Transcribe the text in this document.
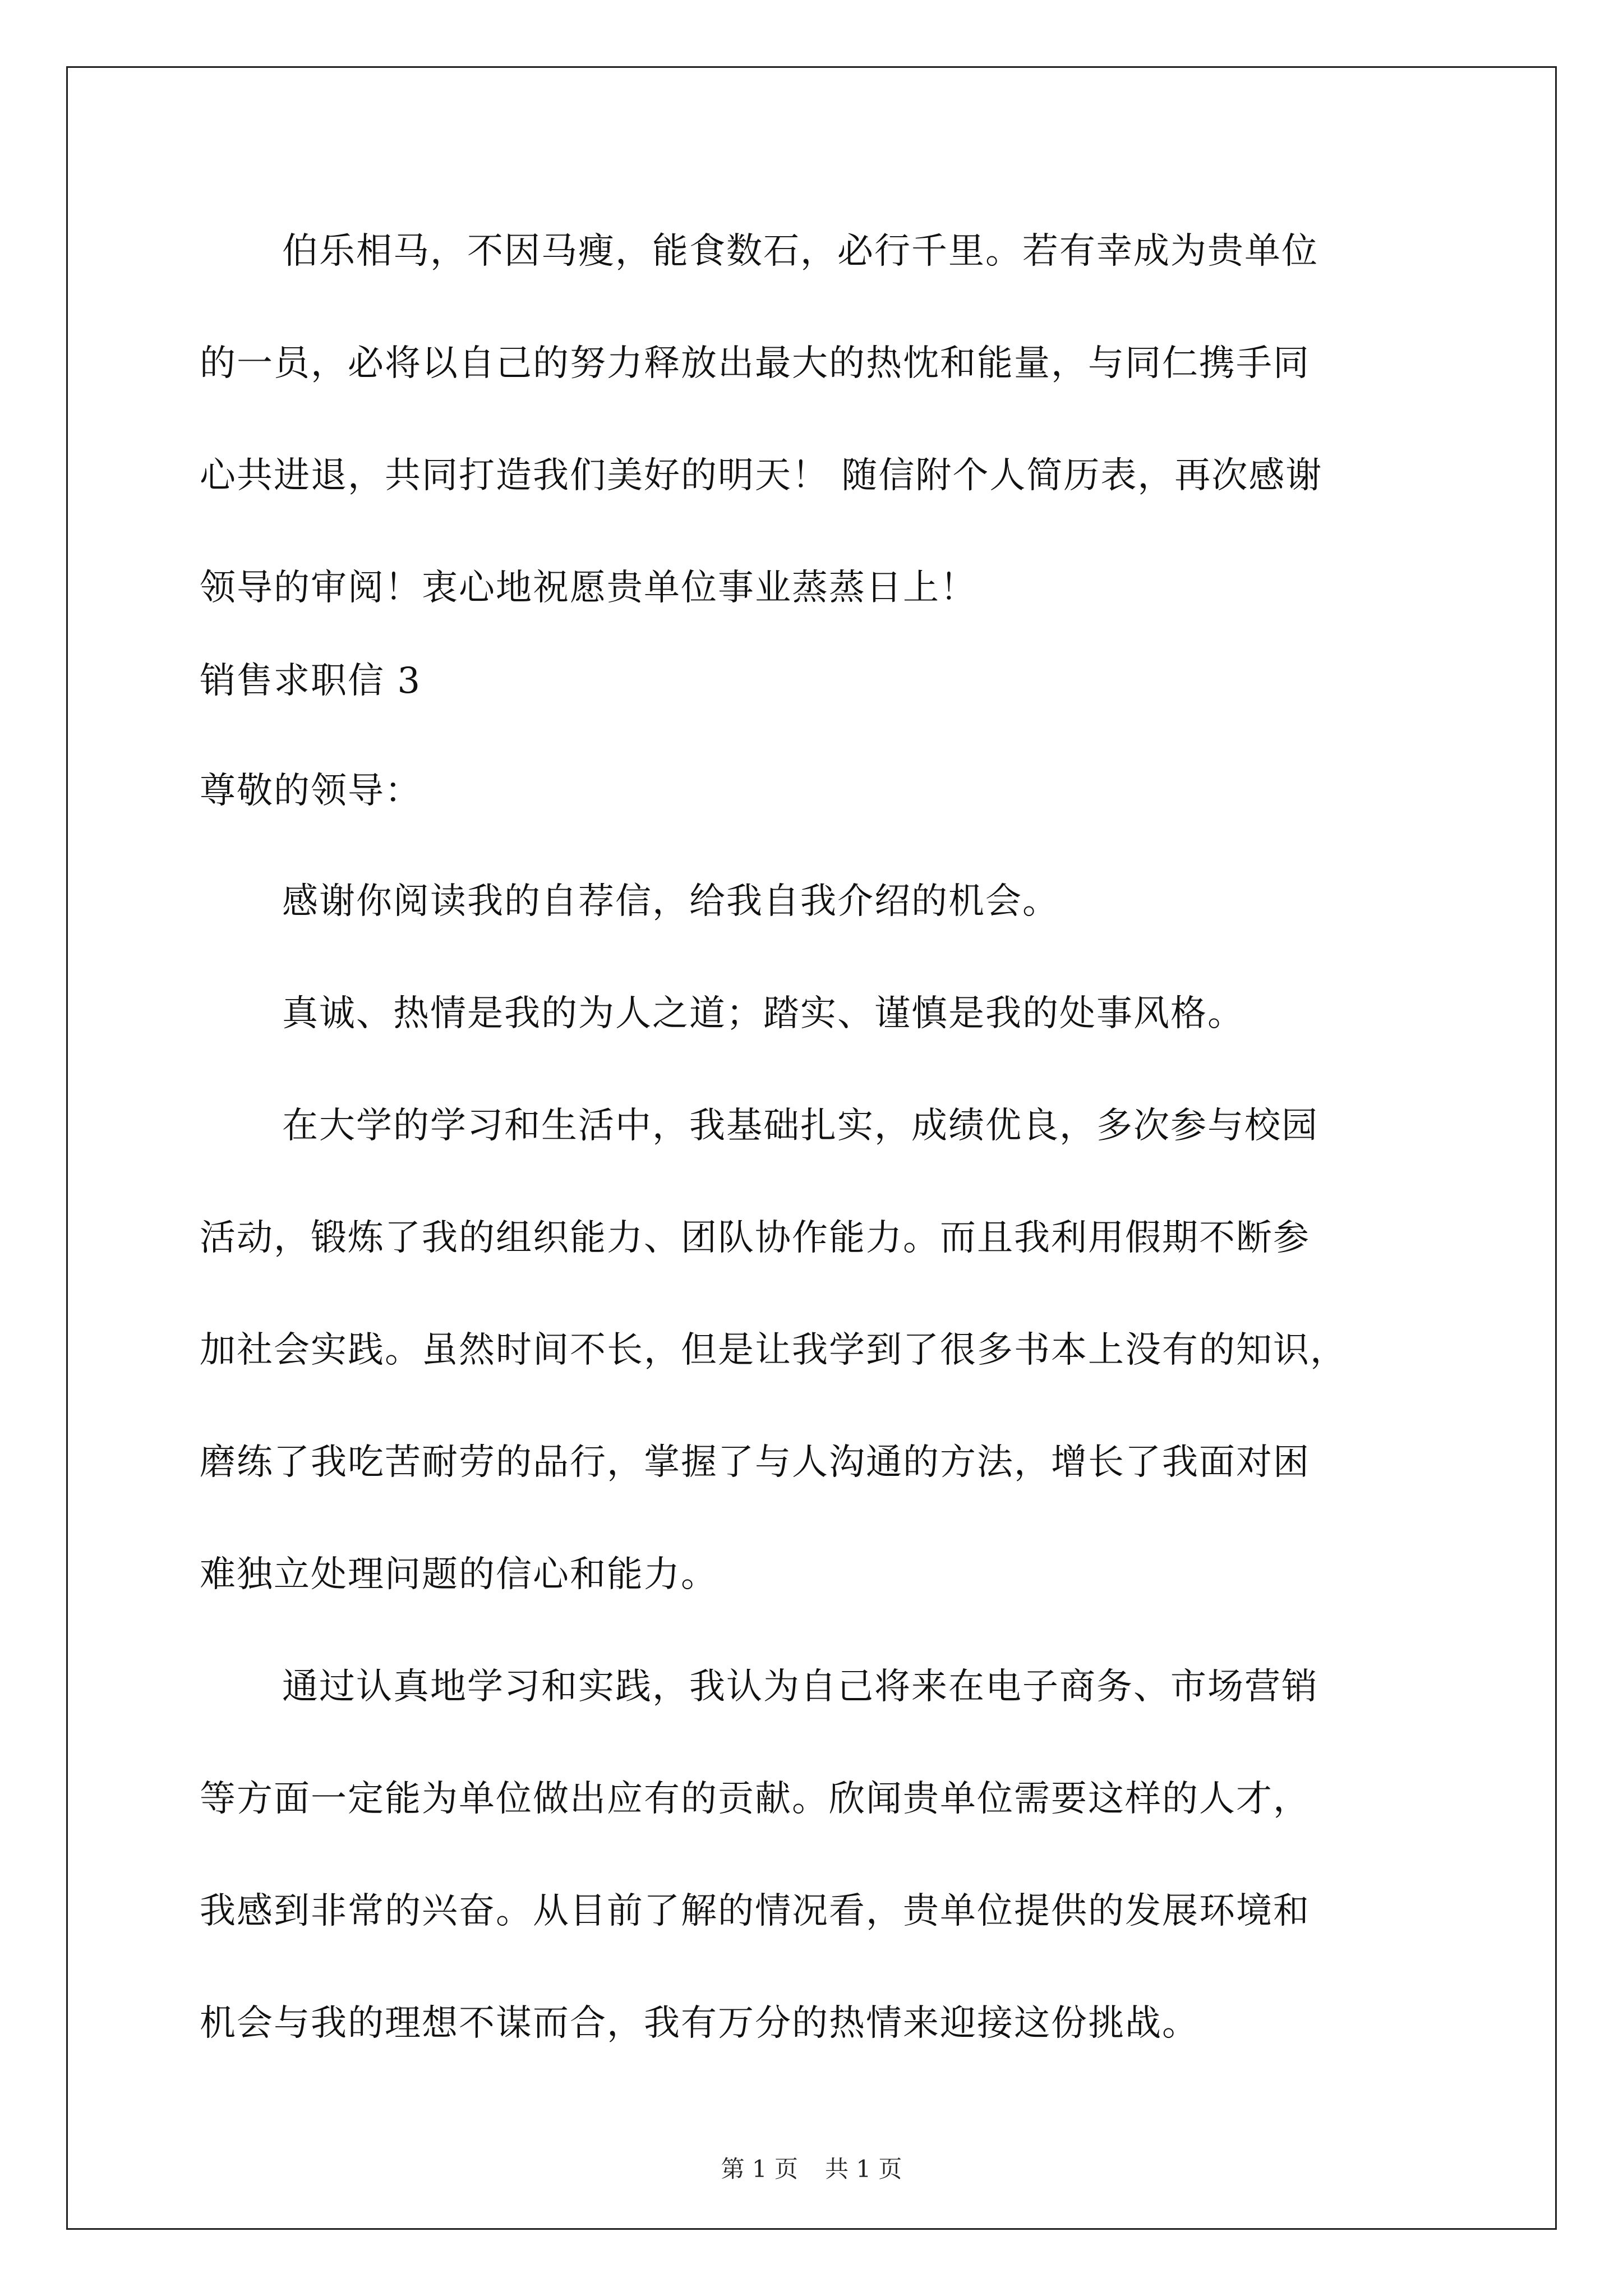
伯乐相马，不因马瘦，能食数石，必行千里。若有幸成为贵单位
的一员，必将以自己的努力释放出最大的热忱和能量，与同仁携手同
心共进退，共同打造我们美好的明天！ 随信附个人简历表，再次感谢
领导的审阅！衷心地祝愿贵单位事业蒸蒸日上！
销售求职信 3
尊敬的领导：
感谢你阅读我的自荐信，给我自我介绍的机会。
真诚、热情是我的为人之道；踏实、谨慎是我的处事风格。
在大学的学习和生活中，我基础扎实，成绩优良，多次参与校园
活动，锻炼了我的组织能力、团队协作能力。而且我利用假期不断参
加社会实践。虽然时间不长，但是让我学到了很多书本上没有的知识，
磨练了我吃苦耐劳的品行，掌握了与人沟通的方法，增长了我面对困
难独立处理问题的信心和能力。
通过认真地学习和实践，我认为自己将来在电子商务、市场营销
等方面一定能为单位做出应有的贡献。欣闻贵单位需要这样的人才，
我感到非常的兴奋。从目前了解的情况看，贵单位提供的发展环境和
机会与我的理想不谋而合，我有万分的热情来迎接这份挑战。
第 1 页 共 1 页
